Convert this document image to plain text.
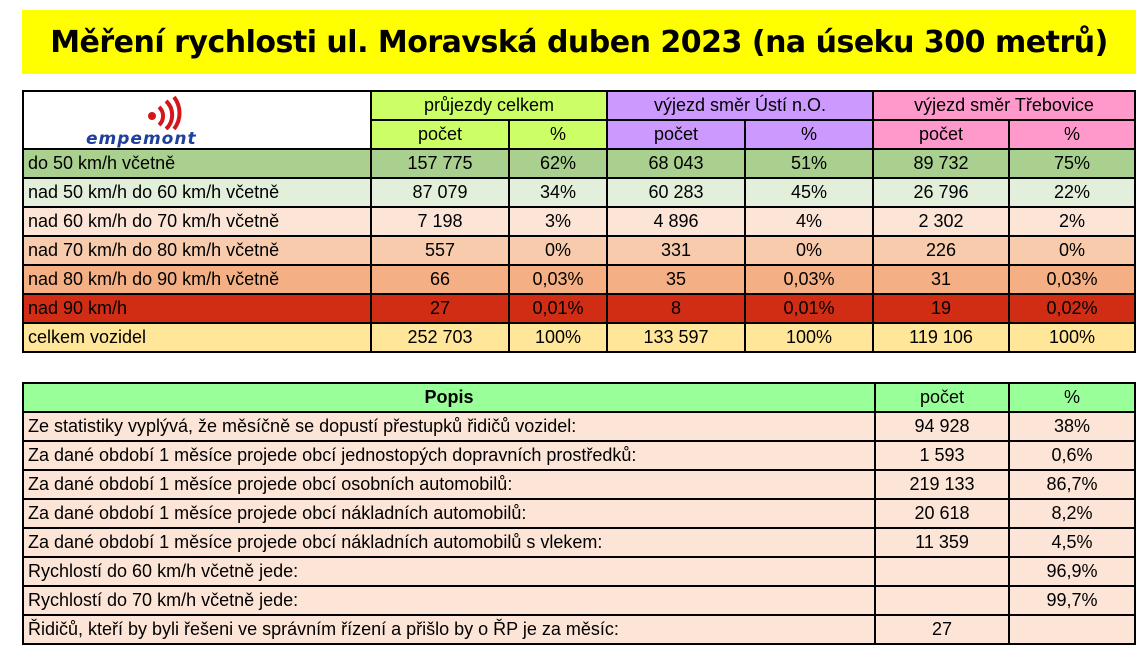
Měření rychlosti ul. Moravská duben 2023 (na úseku 300 metrů)
empemont	průjezdy celkem		výjezd směr Ústí n.O.		výjezd směr Třebovice	
	počet	%	počet	%	počet	%
do 50 km/h včetně	157 775	62%	68 043	51%	89 732	75%
nad 50 km/h do 60 km/h včetně	87 079	34%	60 283	45%	26 796	22%
nad 60 km/h do 70 km/h včetně	7 198	3%	4 896	4%	2 302	2%
nad 70 km/h do 80 km/h včetně	557	0%	331	0%	226	0%
nad 80 km/h do 90 km/h včetně	66	0,03%	35	0,03%	31	0,03%
nad 90 km/h	27	0,01%	8	0,01%	19	0,02%
celkem vozidel	252 703	100%	133 597	100%	119 106	100%
Popis	počet	%
Ze statistiky vyplývá, že měsíčně se dopustí přestupků řidičů vozidel:	94 928	38%
Za dané období 1 měsíce projede obcí jednostopých dopravních prostředků:	1 593	0,6%
Za dané období 1 měsíce projede obcí osobních automobilů:	219 133	86,7%
Za dané období 1 měsíce projede obcí nákladních automobilů:	20 618	8,2%
Za dané období 1 měsíce projede obcí nákladních automobilů s vlekem:	11 359	4,5%
Rychlostí do 60 km/h včetně jede:		96,9%
Rychlostí do 70 km/h včetně jede:		99,7%
Řidičů, kteří by byli řešeni ve správním řízení a přišlo by o ŘP je za měsíc:	27	
